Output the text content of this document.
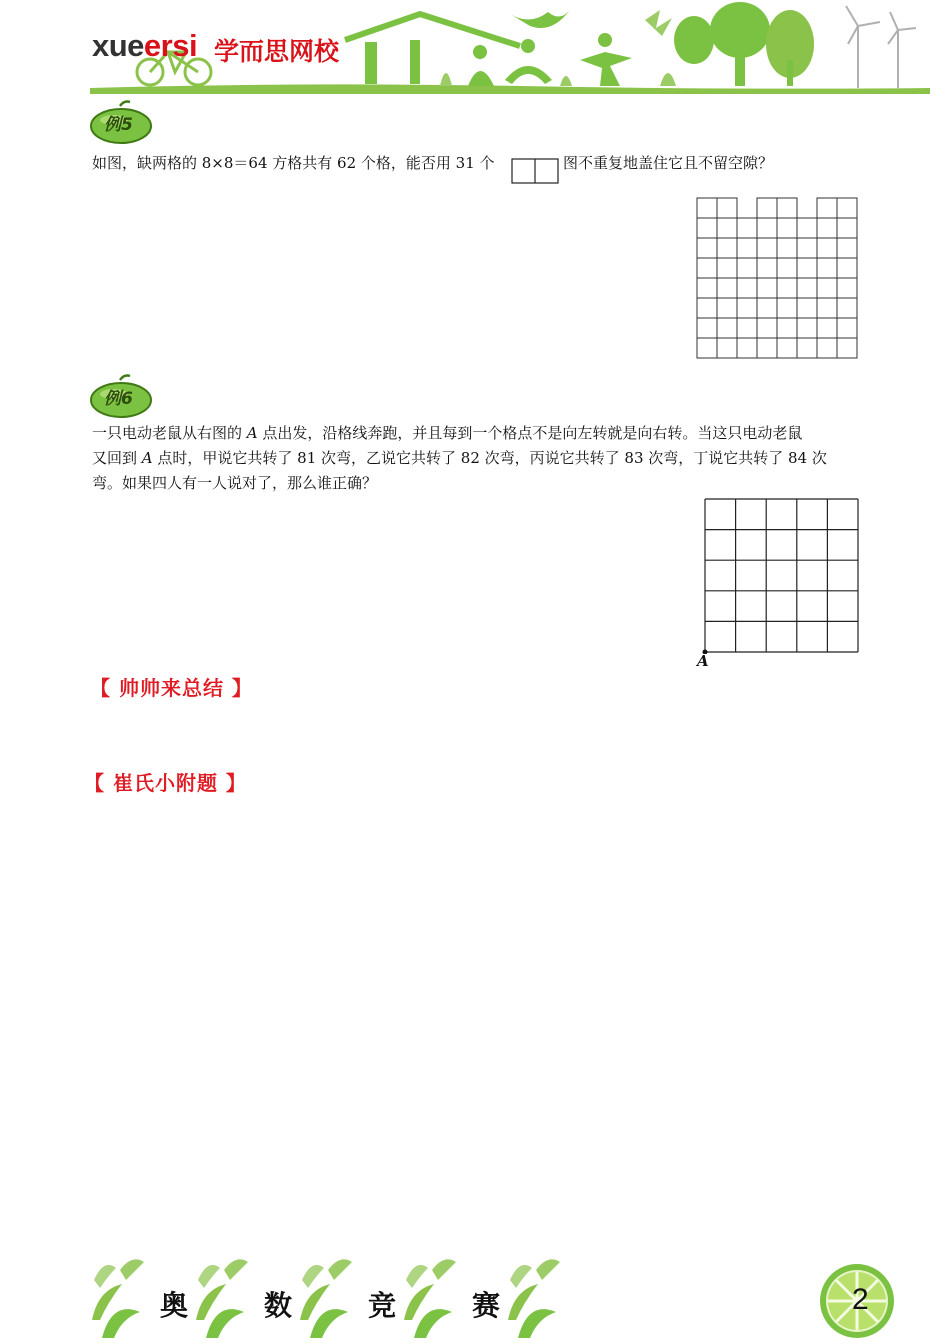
xueersi 学而思网校
例5
如图，缺两格的 8×8＝64 方格共有 62 个格，能否用 31 个	图不重复地盖住它且不留空隙？
例6
一只电动老鼠从右图的 A 点出发，沿格线奔跑，并且每到一个格点不是向左转就是向右转。当这只电动老鼠
又回到 A 点时，甲说它共转了 81 次弯，乙说它共转了 82 次弯，丙说它共转了 83 次弯，丁说它共转了 84 次
弯。如果四人有一人说对了，那么谁正确？
A
【 帅帅来总结 】
【 崔氏小附题 】
奥	数	竞	赛	2
